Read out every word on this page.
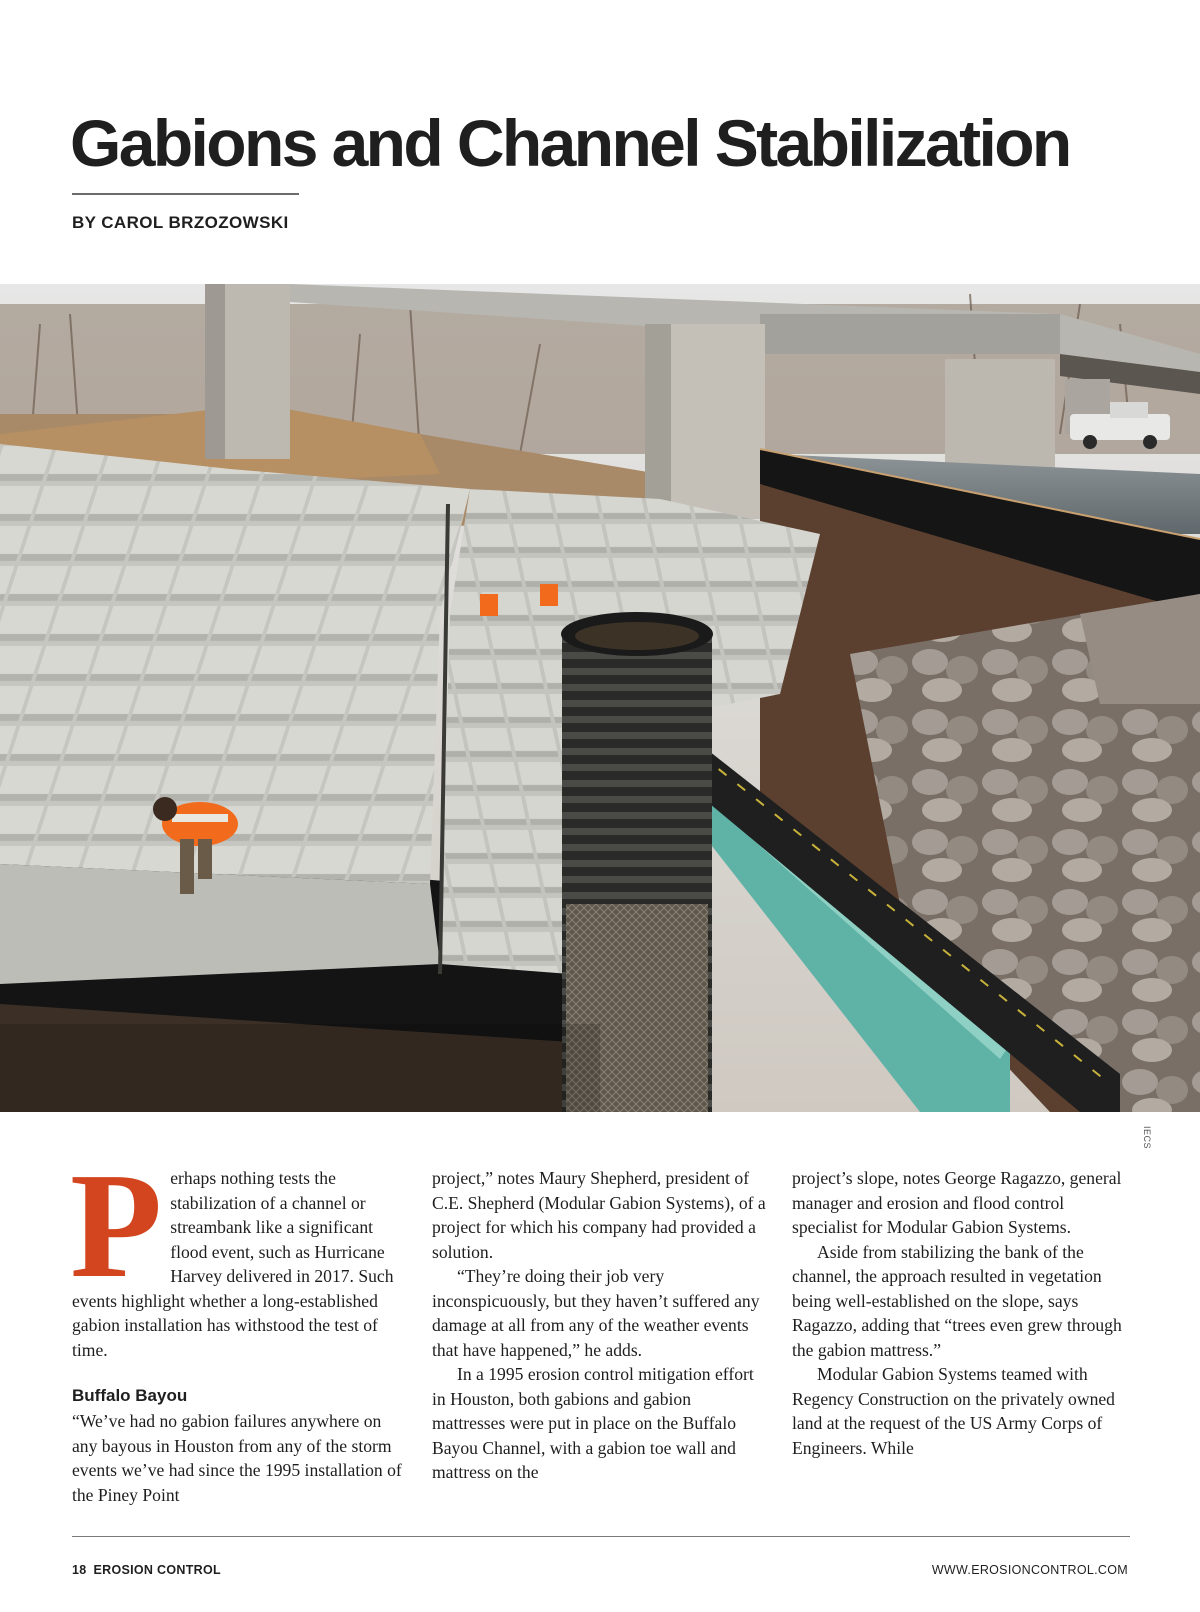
Gabions and Channel Stabilization
BY CAROL BRZOZOWSKI
IECS

Perhaps nothing tests the stabilization of a channel or streambank like a significant flood event, such as Hurricane Harvey delivered in 2017. Such events highlight whether a long-established gabion installation has withstood the test of time.

Buffalo Bayou

“We’ve had no gabion failures anywhere on any bayous in Houston from any of the storm events we’ve had since the 1995 installation of the Piney Point

project,” notes Maury Shepherd, president of C.E. Shepherd (Modular Gabion Systems), of a project for which his company had provided a solution.

“They’re doing their job very inconspicuously, but they haven’t suffered any damage at all from any of the weather events that have happened,” he adds.

In a 1995 erosion control mitigation effort in Houston, both gabions and gabion mattresses were put in place on the Buffalo Bayou Channel, with a gabion toe wall and mattress on the

project’s slope, notes George Ragazzo, general manager and erosion and flood control specialist for Modular Gabion Systems.

Aside from stabilizing the bank of the channel, the approach resulted in vegetation being well-established on the slope, says Ragazzo, adding that “trees even grew through the gabion mattress.”

Modular Gabion Systems teamed with Regency Construction on the privately owned land at the request of the US Army Corps of Engineers. While

18 EROSION CONTROL	WWW.EROSIONCONTROL.COM
